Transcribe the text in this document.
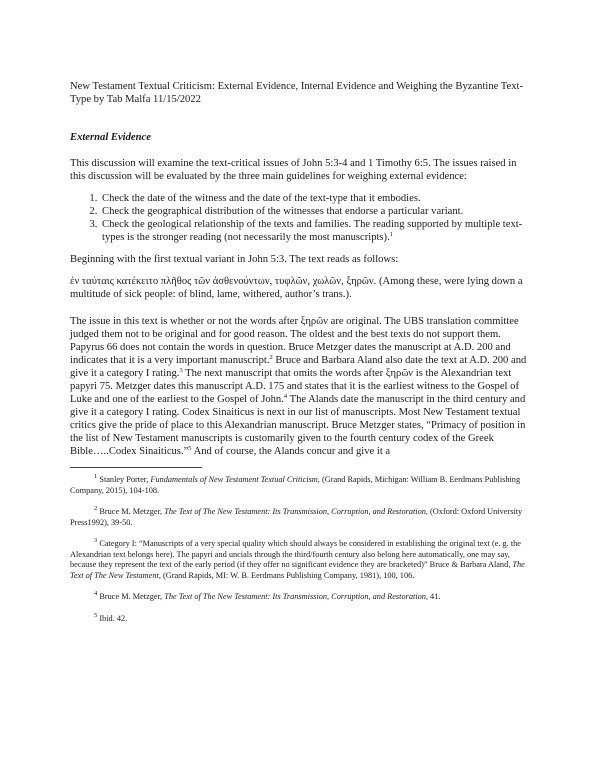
New Testament Textual Criticism: External Evidence, Internal Evidence and Weighing the Byzantine Text-Type by Tab Malfa 11/15/2022

External Evidence

This discussion will examine the text-critical issues of John 5:3-4 and 1 Timothy 6:5. The issues raised in this discussion will be evaluated by the three main guidelines for weighing external evidence:

1. Check the date of the witness and the date of the text-type that it embodies.
2. Check the geographical distribution of the witnesses that endorse a particular variant.
3. Check the geological relationship of the texts and families. The reading supported by multiple text-types is the stronger reading (not necessarily the most manuscripts).$^1$

Beginning with the first textual variant in John 5:3. The text reads as follows:

ἐν ταύταις κατέκειτο πλῆθος τῶν ἀσθενούντων, τυφλῶν, χωλῶν, ξηρῶν. (Among these, were lying down a multitude of sick people: of blind, lame, withered, author’s trans.).

The issue in this text is whether or not the words after ξηρῶν are original. The UBS translation committee judged them not to be original and for good reason. The oldest and the best texts do not support them. Papyrus 66 does not contain the words in question. Bruce Metzger dates the manuscript at A.D. 200 and indicates that it is a very important manuscript.$^2$ Bruce and Barbara Aland also date the text at A.D. 200 and give it a category I rating.$^3$ The next manuscript that omits the words after ξηρῶν is the Alexandrian text papyri 75. Metzger dates this manuscript A.D. 175 and states that it is the earliest witness to the Gospel of Luke and one of the earliest to the Gospel of John.$^4$ The Alands date the manuscript in the third century and give it a category I rating. Codex Sinaiticus is next in our list of manuscripts. Most New Testament textual critics give the pride of place to this Alexandrian manuscript. Bruce Metzger states, “Primacy of position in the list of New Testament manuscripts is customarily given to the fourth century codex of the Greek Bible…..Codex Sinaiticus.”$^5$ And of course, the Alands concur and give it a

$^1$ Stanley Porter, Fundamentals of New Testament Textual Criticism, (Grand Rapids, Michigan: William B. Eerdmans Publishing Company, 2015), 104-108.

$^2$ Bruce M. Metzger, The Text of The New Testament: Its Transmission, Corruption, and Restoration, (Oxford: Oxford University Press1992), 39-50.

$^3$ Category I: “Manuscripts of a very special quality which should always be considered in establishing the original text (e. g. the Alexandrian text belongs here). The papyri and uncials through the third/fourth century also belong here automatically, one may say, because they represent the text of the early period (if they offer no significant evidence they are bracketed)” Bruce & Barbara Aland, The Text of The New Testament, (Grand Rapids, MI: W. B. Eerdmans Publishing Company, 1981), 100, 106.

$^4$ Bruce M. Metzger, The Text of The New Testament: Its Transmission, Corruption, and Restoration, 41.

$^5$ Ibid. 42.
